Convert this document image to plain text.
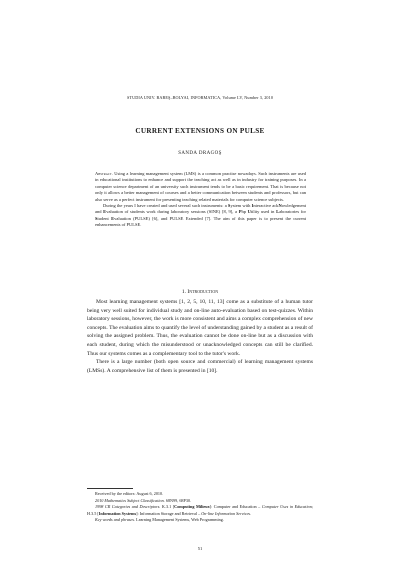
STUDIA UNIV. BABEŞ–BOLYAI, INFORMATICA, Volume LV, Number 3, 2010
CURRENT EXTENSIONS ON PULSE
SANDA DRAGOŞ

Abstract. Using a learning management system (LMS) is a common practise nowadays. Such instruments are used in educational institutions to enhance and support the teaching act as well as in industry for training purposes. In a computer science department of an university such instrument tends to be a basic requirement. That is because not only it allows a better management of courses and a better communication between students and professors, but can also serve as a perfect instrument for presenting teaching related materials for computer science subjects.

During the years I have created and used several such instruments: a System with Interactive ackNowledgement and Evaluation of students work during laboratory sessions (SINE) [8, 9], a Php Utility used in Laboratories for Student Evaluation (PULSE) [6], and PULSE Extended [7]. The aim of this paper is to present the current enhancements of PULSE.

1. Introduction

Most learning management systems [1, 2, 5, 10, 11, 13] come as a substitute of a human tutor being very well suited for individual study and on-line auto-evaluation based on test-quizzes. Within laboratory sessions, however, the work is more consistent and aims a complex comprehension of new concepts. The evaluation aims to quantify the level of understanding gained by a student as a result of solving the assigned problem. Thus, the evaluation cannot be done on-line but as a discussion with each student, during which the misunderstood or unacknowledged concepts can still be clarified. Thus our systems comes as a complementary tool to the tutor's work.

There is a large number (both open source and commercial) of learning management systems (LMSs). A comprehensive list of them is presented in [10].

Received by the editors: August 6, 2010.
2010 Mathematics Subject Classification. 68N99, 68P30.
1998 CR Categories and Descriptors. K.3.1 [Computing Milieux]: Computer and Education – Computer Uses in Education; H.3.5 [Information Systems]: Information Storage and Retrieval – On-line Information Services.
Key words and phrases. Learning Management Systems, Web Programming.
51
